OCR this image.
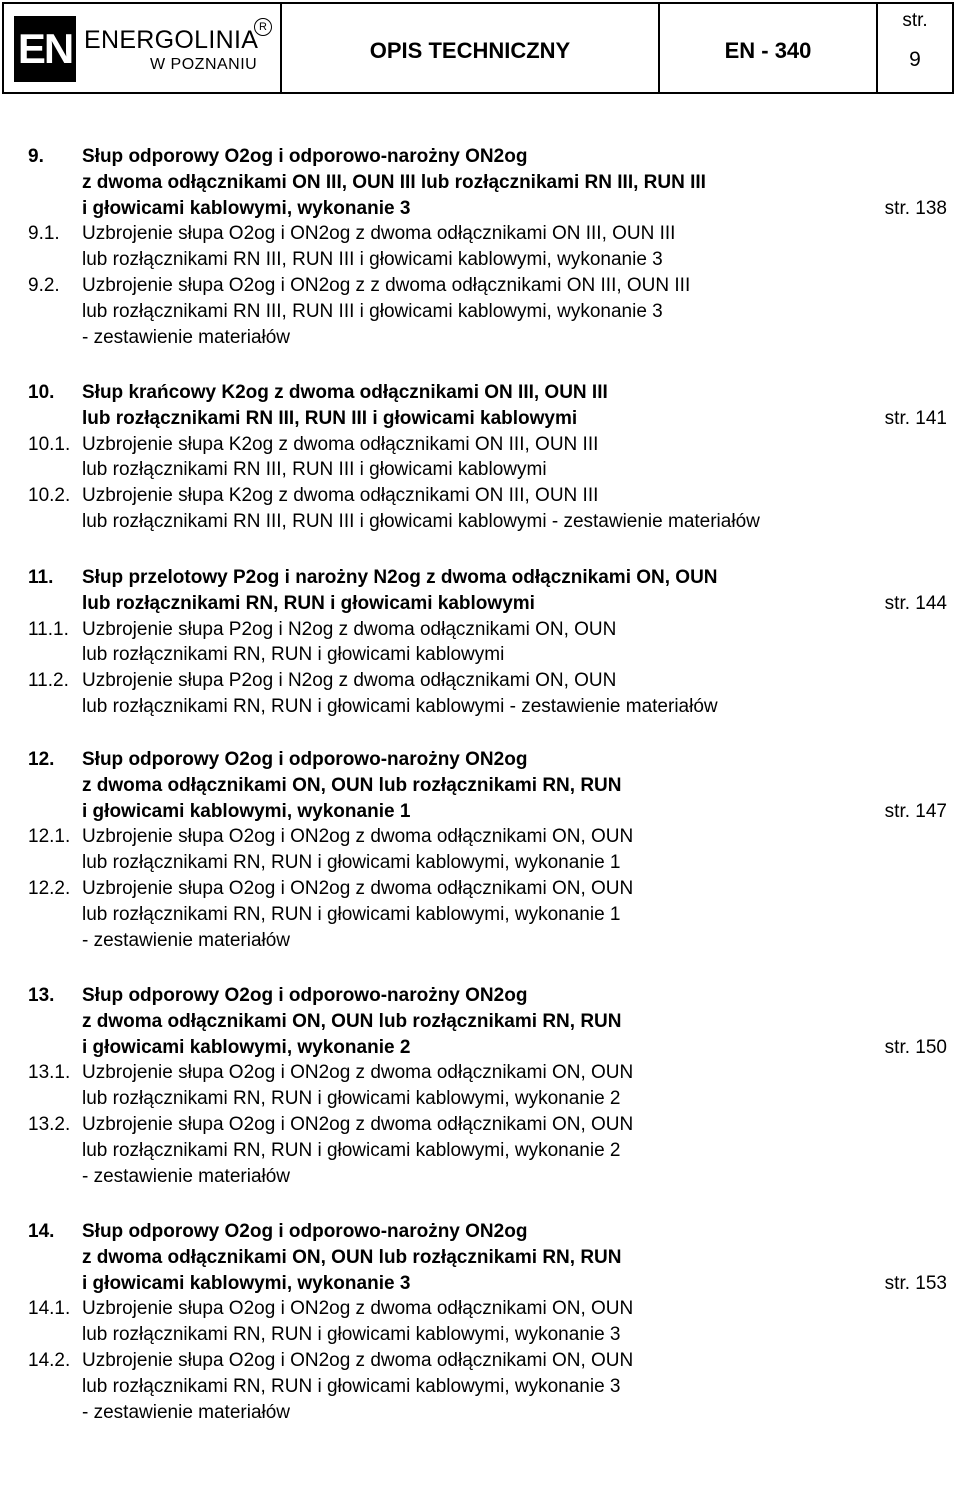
EN ENERGOLINIA R
W POZNANIU
OPIS TECHNICZNY	EN - 340
str.
9
9. Słup odporowy O2og i odporowo-narożny ON2og
z dwoma odłącznikami ON III, OUN III lub rozłącznikami RN III, RUN III
i głowicami kablowymi, wykonanie 3	str. 138
9.1. Uzbrojenie słupa O2og i ON2og z dwoma odłącznikami ON III, OUN III
lub rozłącznikami RN III, RUN III i głowicami kablowymi, wykonanie 3
9.2. Uzbrojenie słupa O2og i ON2og z z dwoma odłącznikami ON III, OUN III
lub rozłącznikami RN III, RUN III i głowicami kablowymi, wykonanie 3
- zestawienie materiałów
10. Słup krańcowy K2og z dwoma odłącznikami ON III, OUN III
lub rozłącznikami RN III, RUN III i głowicami kablowymi	str. 141
10.1. Uzbrojenie słupa K2og z dwoma odłącznikami ON III, OUN III
lub rozłącznikami RN III, RUN III i głowicami kablowymi
10.2. Uzbrojenie słupa K2og z dwoma odłącznikami ON III, OUN III
lub rozłącznikami RN III, RUN III i głowicami kablowymi - zestawienie materiałów
11. Słup przelotowy P2og i narożny N2og z dwoma odłącznikami ON, OUN
lub rozłącznikami RN, RUN i głowicami kablowymi	str. 144
11.1. Uzbrojenie słupa P2og i N2og z dwoma odłącznikami ON, OUN
lub rozłącznikami RN, RUN i głowicami kablowymi
11.2. Uzbrojenie słupa P2og i N2og z dwoma odłącznikami ON, OUN
lub rozłącznikami RN, RUN i głowicami kablowymi - zestawienie materiałów
12. Słup odporowy O2og i odporowo-narożny ON2og
z dwoma odłącznikami ON, OUN lub rozłącznikami RN, RUN
i głowicami kablowymi, wykonanie 1	str. 147
12.1. Uzbrojenie słupa O2og i ON2og z dwoma odłącznikami ON, OUN
lub rozłącznikami RN, RUN i głowicami kablowymi, wykonanie 1
12.2. Uzbrojenie słupa O2og i ON2og z dwoma odłącznikami ON, OUN
lub rozłącznikami RN, RUN i głowicami kablowymi, wykonanie 1
- zestawienie materiałów
13. Słup odporowy O2og i odporowo-narożny ON2og
z dwoma odłącznikami ON, OUN lub rozłącznikami RN, RUN
i głowicami kablowymi, wykonanie 2	str. 150
13.1. Uzbrojenie słupa O2og i ON2og z dwoma odłącznikami ON, OUN
lub rozłącznikami RN, RUN i głowicami kablowymi, wykonanie 2
13.2. Uzbrojenie słupa O2og i ON2og z dwoma odłącznikami ON, OUN
lub rozłącznikami RN, RUN i głowicami kablowymi, wykonanie 2
- zestawienie materiałów
14. Słup odporowy O2og i odporowo-narożny ON2og
z dwoma odłącznikami ON, OUN lub rozłącznikami RN, RUN
i głowicami kablowymi, wykonanie 3	str. 153
14.1. Uzbrojenie słupa O2og i ON2og z dwoma odłącznikami ON, OUN
lub rozłącznikami RN, RUN i głowicami kablowymi, wykonanie 3
14.2. Uzbrojenie słupa O2og i ON2og z dwoma odłącznikami ON, OUN
lub rozłącznikami RN, RUN i głowicami kablowymi, wykonanie 3
- zestawienie materiałów
